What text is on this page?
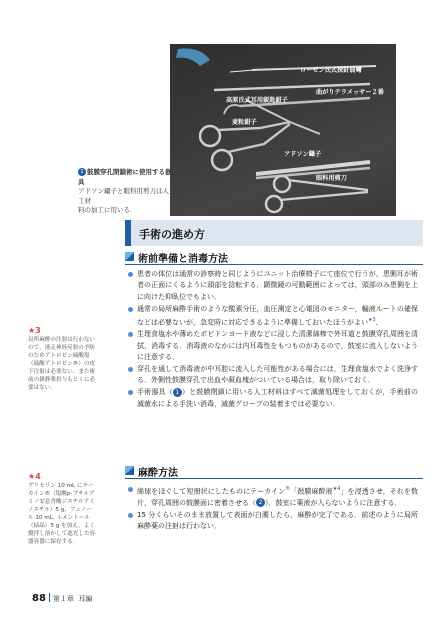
ローゼン氏式探針弱彎
曲がりテラメッサー２番
高原氏式耳用鋭匙鉗子
麦粒鉗子
アドソン鑷子
眼科用剪刀
1 鼓膜穿孔閉鎖術に使用する器具
アドソン鑷子と眼科用剪刀は人工材
料の加工に用いる.
手術の進め方
術前準備と消毒方法
患者の体位は通常の診察時と同じようにユニット治療椅子にて座位で行うが，患側耳が術者の正面にくるように頭部を捻転する．顕微鏡の可動範囲によっては，頭部のみ患側を上に向けた仰臥位でもよい．
通常の局所麻酔手術のような酸素分圧，血圧測定と心電図のモニター，輸液ルートの確保などは必要ないが，急変時に対応できるように準備しておいたほうがよい$^{★3}$．
生理食塩水や薄めたポビドンヨード液などに浸した清潔綿棒で外耳道と鼓膜穿孔周囲を清拭，消毒する．消毒液のなかには内耳毒性をもつものがあるので，鼓室に流入しないように注意する．
穿孔を通して消毒液が中耳腔に流入した可能性がある場合には，生理食塩水でよく洗浄する．外側性鼓膜穿孔で出血や凝血塊がついている場合は，取り除いておく．
手術器具（ 1 ）と鼓膜閉鎖に用いる人工材料はすべて滅菌処理をしておくが，手術前の滅菌水による手洗い消毒，滅菌グローブの装着までは必要ない．
麻酔方法
綿球をほぐして短冊状にしたものにテーカイン®「鼓膜麻酔液$^{★4}$」を浸透させ，それを数片，穿孔周囲の鼓膜面に密着させる（ 2 ）．鼓室に薬液が入らないように注意する．
15 分くらいそのまま放置して表面が白濁したら，麻酔が完了である．前述のように局所麻酔薬の注射は行わない．
★3
局所麻酔の注射は行わないので，迷走神経反射の予防のためアトロピン硫酸塩（硫酸アトロピン®）の皮下注射は必要ない．また術前の鎮静薬投与もとくに必要はない．
★4
グリセリン 10 mL にテーカイン®（塩酸p-ブチルアミノ安息香酸ジエチルアミノエチル）5 g，フェノール 10 mL，l-メントール（結晶）5 g を加え，よく攪拌し溶かして遮光した容器容器に保存する．
88 第１章 耳編
